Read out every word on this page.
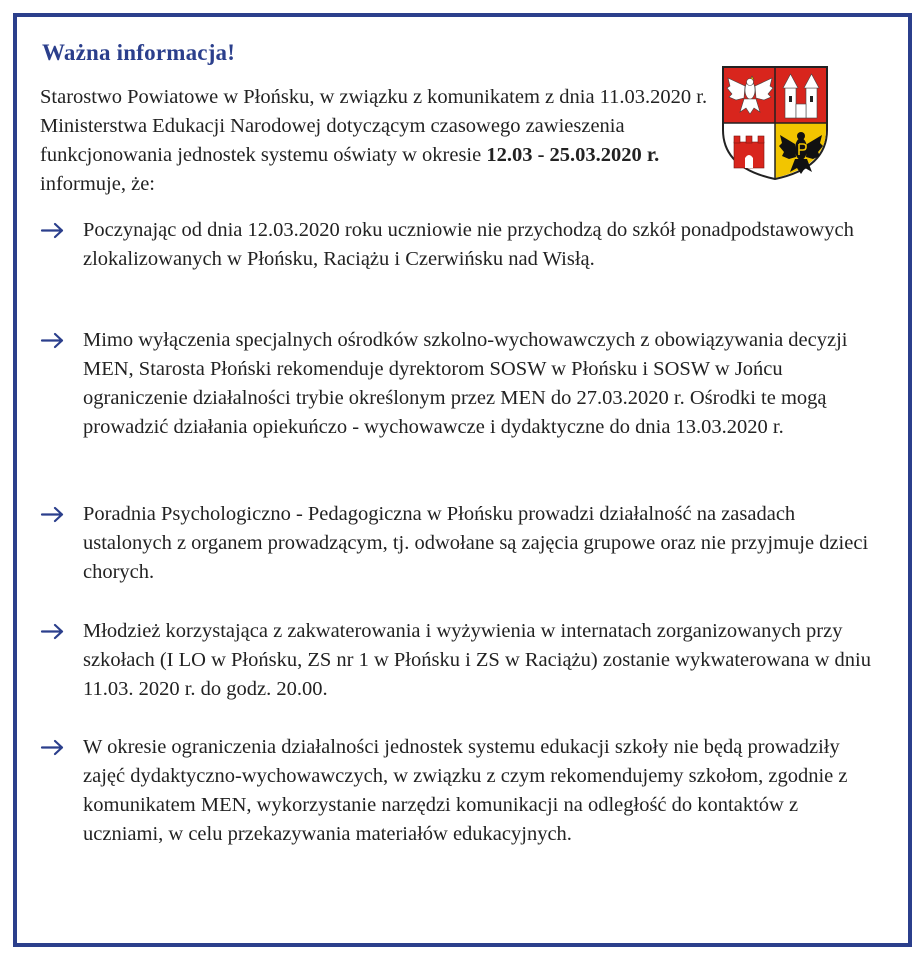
Ważna informacja!

Starostwo Powiatowe w Płońsku, w związku z komunikatem z dnia 11.03.2020 r. Ministerstwa Edukacji Narodowej dotyczącym czasowego zawieszenia funkcjonowania jednostek systemu oświaty w okresie 12.03 - 25.03.2020 r. informuje, że:

Poczynając od dnia 12.03.2020 roku uczniowie nie przychodzą do szkół ponadpodstawowych zlokalizowanych w Płońsku, Raciążu i Czerwińsku nad Wisłą.

Mimo wyłączenia specjalnych ośrodków szkolno-wychowawczych z obowiązywania decyzji MEN, Starosta Płoński rekomenduje dyrektorom SOSW w Płońsku i SOSW w Jońcu ograniczenie działalności trybie określonym przez MEN do 27.03.2020 r. Ośrodki te mogą prowadzić działania opiekuńczo - wychowawcze i dydaktyczne do dnia 13.03.2020 r.

Poradnia Psychologiczno - Pedagogiczna w Płońsku prowadzi działalność na zasadach ustalonych z organem prowadzącym, tj. odwołane są zajęcia grupowe oraz nie przyjmuje dzieci chorych.

Młodzież korzystająca z zakwaterowania i wyżywienia w internatach zorganizowanych przy szkołach (I LO w Płońsku, ZS nr 1 w Płońsku i ZS w Raciążu) zostanie wykwaterowana w dniu 11.03. 2020 r. do godz. 20.00.

W okresie ograniczenia działalności jednostek systemu edukacji szkoły nie będą prowadziły zajęć dydaktyczno-wychowawczych, w związku z czym rekomendujemy szkołom, zgodnie z komunikatem MEN, wykorzystanie narzędzi komunikacji na odległość do kontaktów z uczniami, w celu przekazywania materiałów edukacyjnych.
